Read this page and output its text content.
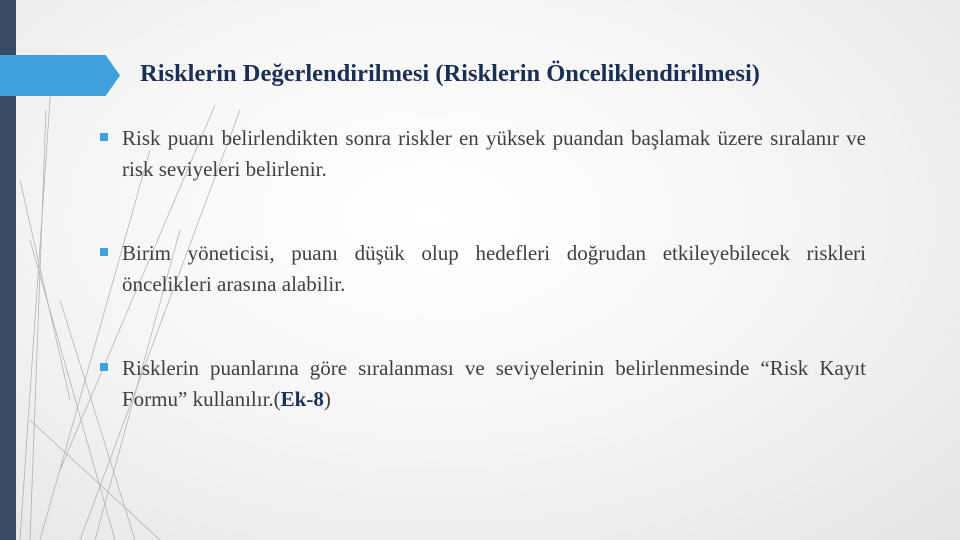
Risklerin Değerlendirilmesi (Risklerin Önceliklendirilmesi)
Risk puanı belirlendikten sonra riskler en yüksek puandan başlamak üzere sıralanır ve risk seviyeleri belirlenir.
Birim yöneticisi, puanı düşük olup hedefleri doğrudan etkileyebilecek riskleri öncelikleri arasına alabilir.
Risklerin puanlarına göre sıralanması ve seviyelerinin belirlenmesinde “Risk Kayıt Formu” kullanılır.(Ek-8)
